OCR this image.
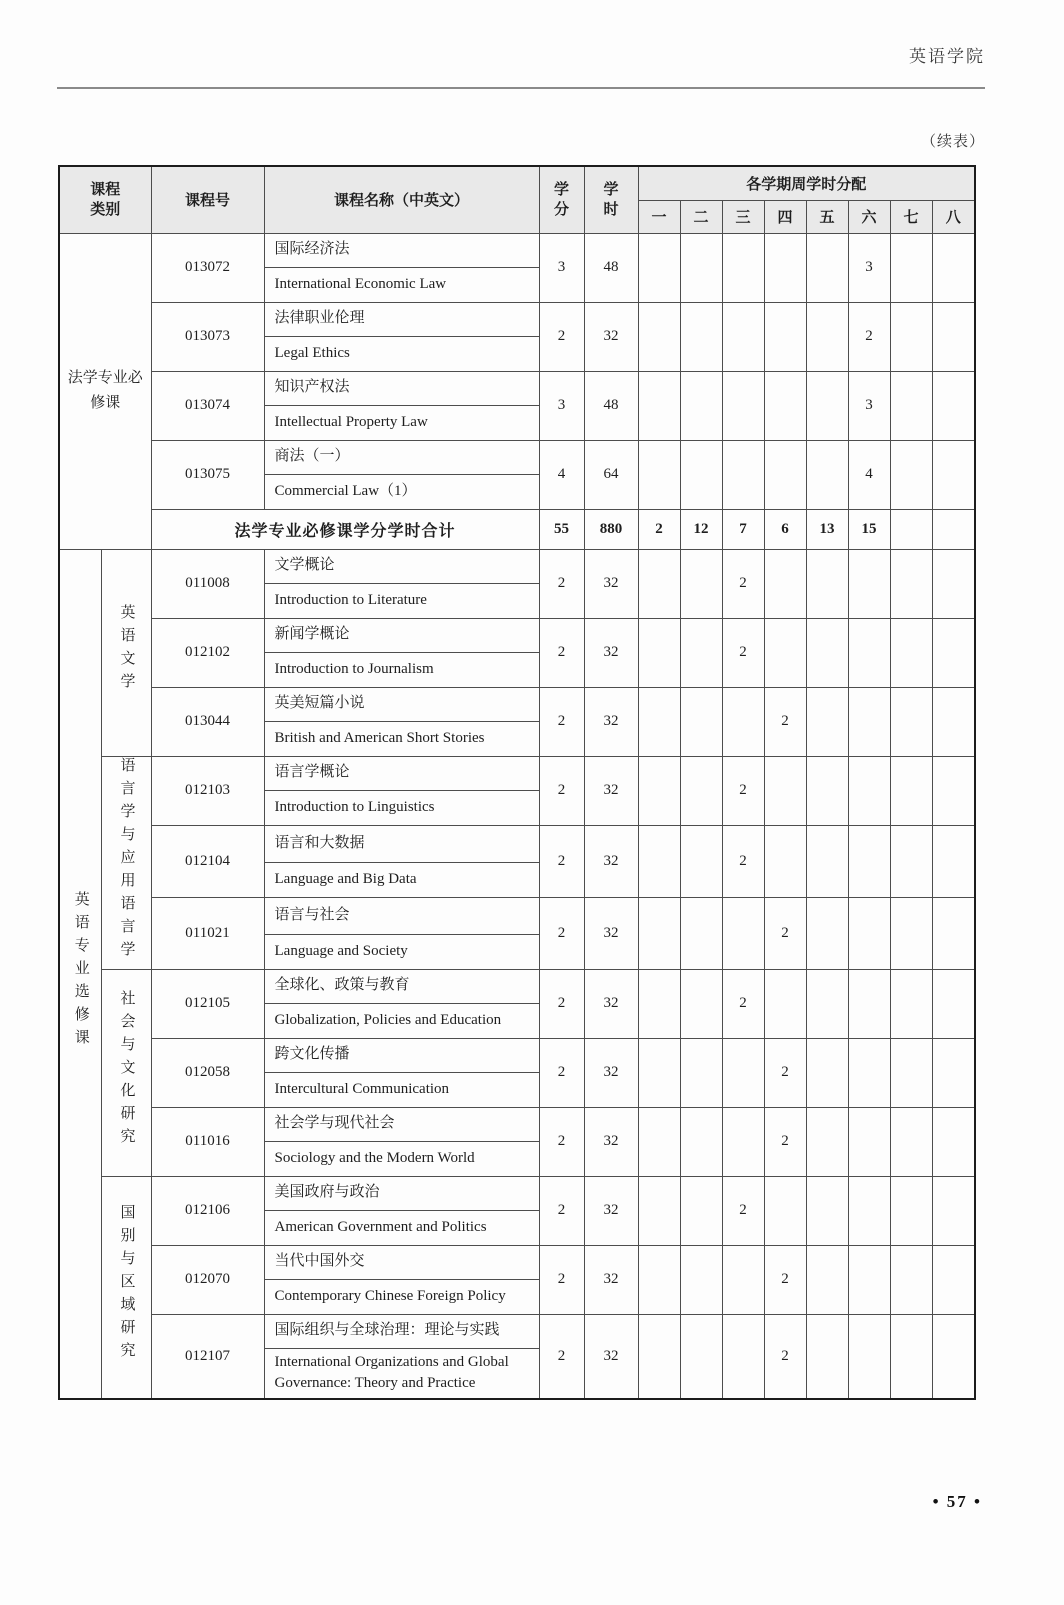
英语学院
（续表）
课程类别		课程号	课程名称（中英文）	学分	学时	各学期周学时分配							
						一	二	三	四	五	六	七	八

法学专业必修课		013072	国际经济法	3	48						3		
			International Economic Law										
		013073	法律职业伦理	2	32						2		
			Legal Ethics										
		013074	知识产权法	3	48						3		
			Intellectual Property Law										
		013075	商法（一）	4	64						4		
			Commercial Law（1）										
		法学专业必修课学分学时合计		55	880	2	12	7	6	13	15		
英语专业选修课	英语文学	011008	文学概论	2	32			2					
			Introduction to Literature										
		012102	新闻学概论	2	32			2					
			Introduction to Journalism										
		013044	英美短篇小说	2	32				2				
			British and American Short Stories										
	语言学与应用语言学	012103	语言学概论	2	32			2					
			Introduction to Linguistics										
		012104	语言和大数据	2	32			2					
			Language and Big Data										
		011021	语言与社会	2	32				2				
			Language and Society										
	社会与文化研究	012105	全球化、政策与教育	2	32			2					
			Globalization, Policies and Education										
		012058	跨文化传播	2	32				2				
			Intercultural Communication										
		011016	社会学与现代社会	2	32				2				
			Sociology and the Modern World										
	国别与区域研究	012106	美国政府与政治	2	32			2					
			American Government and Politics										
		012070	当代中国外交	2	32				2				
			Contemporary Chinese Foreign Policy										
		012107	国际组织与全球治理：理论与实践	2	32				2				
			International Organizations and Global Governance: Theory and Practice										
• 57 •
